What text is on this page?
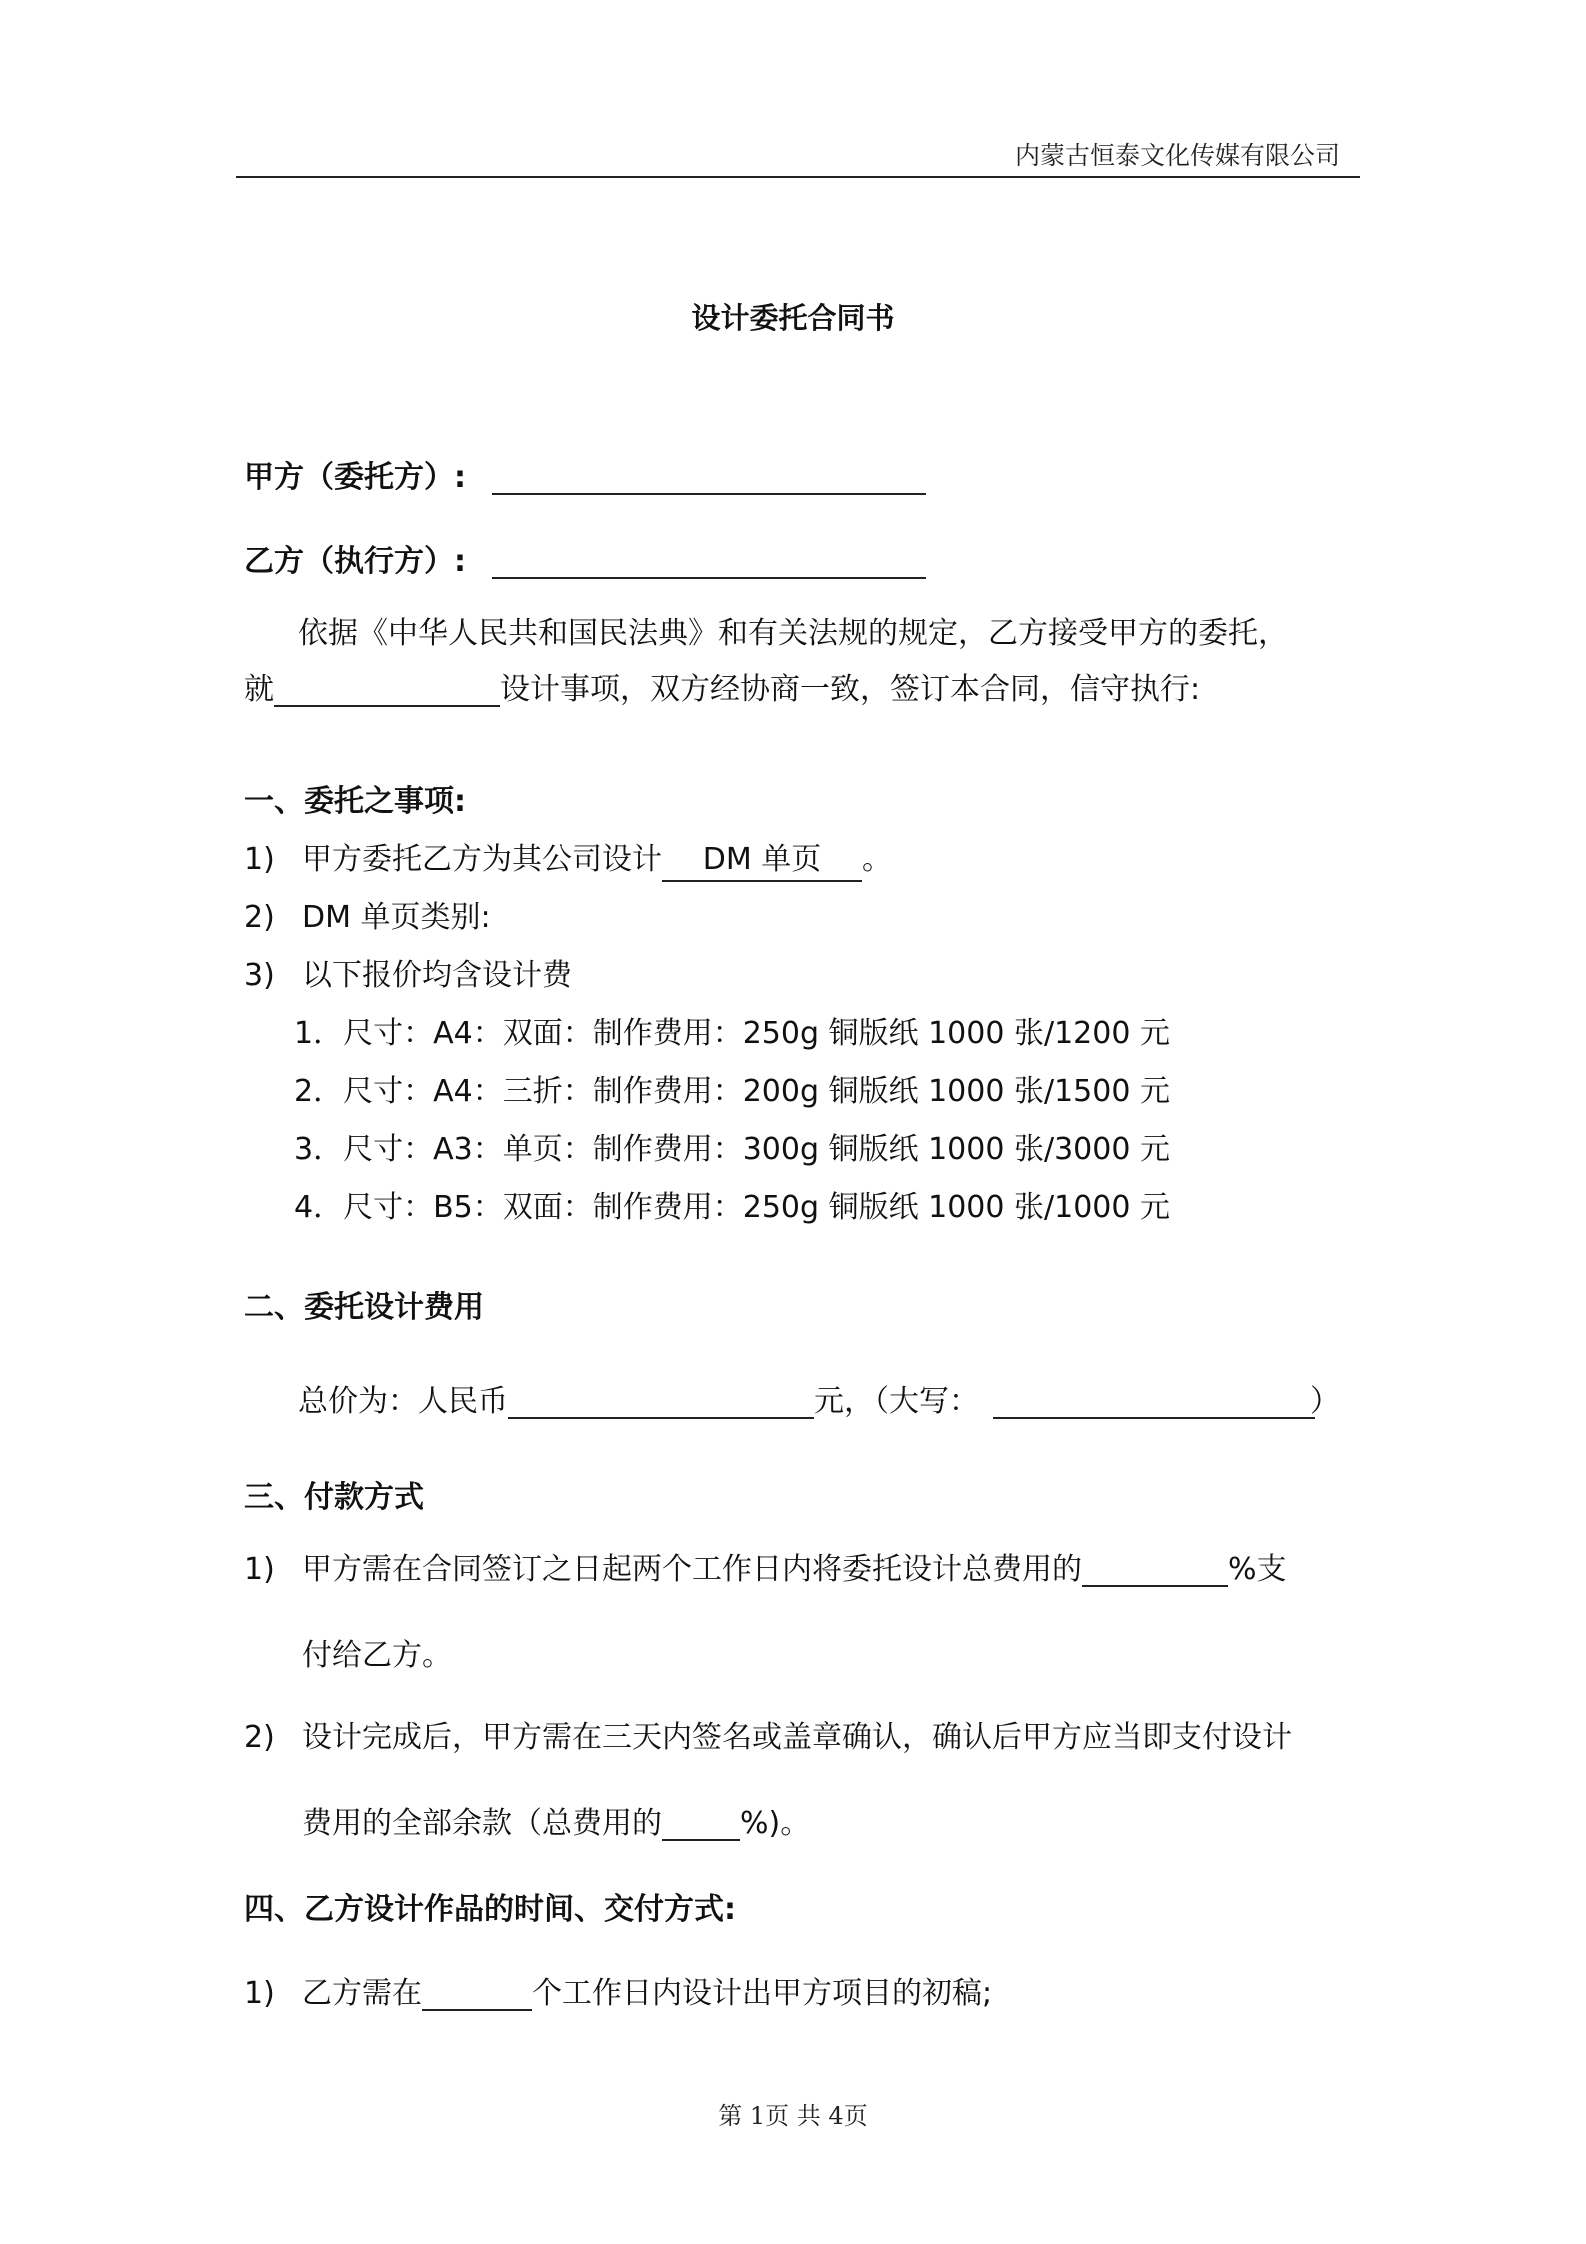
内蒙古恒泰文化传媒有限公司
设计委托合同书
甲方（委托方）:
乙方（执行方）:
依据《中华人民共和国民法典》和有关法规的规定，乙方接受甲方的委托，
就	设计事项，双方经协商一致，签订本合同，信守执行:
一、委托之事项:
1) 甲方委托乙方为其公司设计 DM 单页 。
2) DM 单页类别:
3) 以下报价均含设计费
1．尺寸：A4：双面：制作费用：250g 铜版纸 1000 张/1200 元
2．尺寸：A4：三折：制作费用：200g 铜版纸 1000 张/1500 元
3．尺寸：A3：单页：制作费用：300g 铜版纸 1000 张/3000 元
4．尺寸：B5：双面：制作费用：250g 铜版纸 1000 张/1000 元
二、委托设计费用
总价为：人民币	元，（大写：	）
三、付款方式
1) 甲方需在合同签订之日起两个工作日内将委托设计总费用的	%支
付给乙方。
2) 设计完成后，甲方需在三天内签名或盖章确认，确认后甲方应当即支付设计
费用的全部余款（总费用的	%)。
四、乙方设计作品的时间、交付方式:
1) 乙方需在	个工作日内设计出甲方项目的初稿;
第 1页 共 4页
